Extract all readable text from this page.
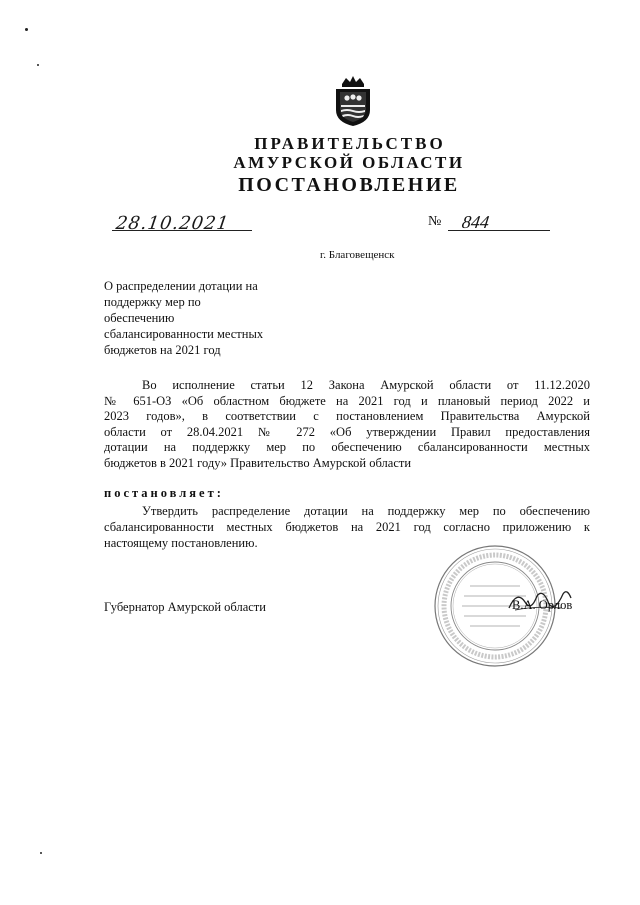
ПРАВИТЕЛЬСТВО
АМУРСКОЙ ОБЛАСТИ
ПОСТАНОВЛЕНИЕ
28.10.2021	№ 844
г. Благовещенск
О распределении дотации на
поддержку мер по
обеспечению
сбалансированности местных
бюджетов на 2021 год
Во исполнение статьи 12 Закона Амурской области от 11.12.2020
№ 651-ОЗ «Об областном бюджете на 2021 год и плановый период 2022 и
2023 годов», в соответствии с постановлением Правительства Амурской
области от 28.04.2021 № 272 «Об утверждении Правил предоставления
дотации на поддержку мер по обеспечению сбалансированности местных
бюджетов в 2021 году» Правительство Амурской области
постановляет:
Утвердить распределение дотации на поддержку мер по обеспечению
сбалансированности местных бюджетов на 2021 год согласно приложению к
настоящему постановлению.
Губернатор Амурской области	В.А. Орлов
